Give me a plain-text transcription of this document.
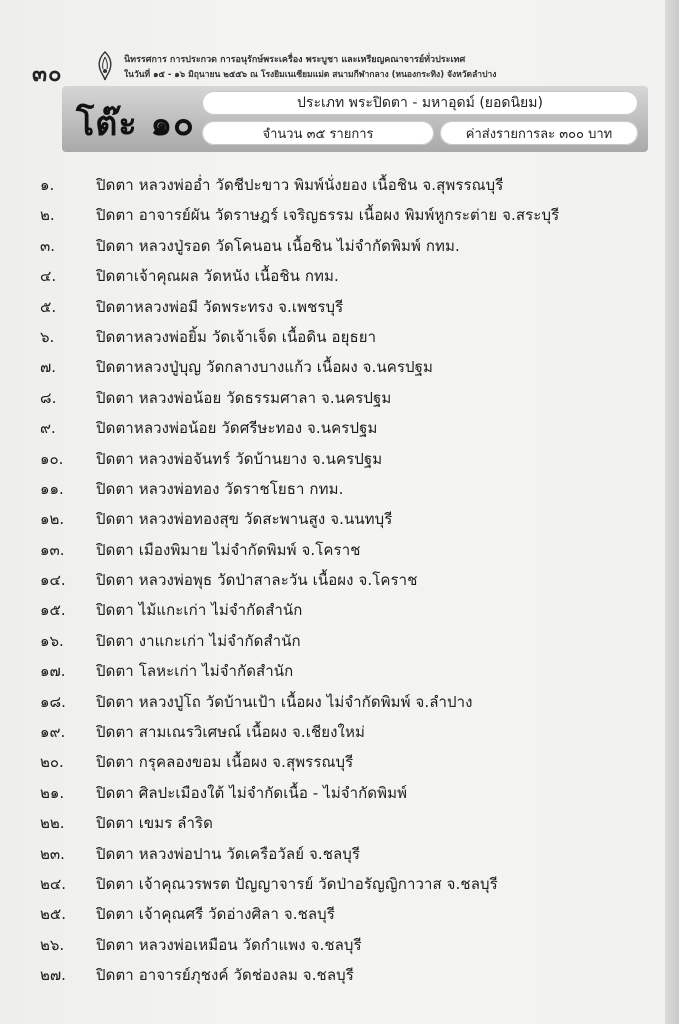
๓๐
นิทรรศการ การประกวด การอนุรักษ์พระเครื่อง พระบูชา และเหรียญคณาจารย์ทั่วประเทศ
ในวันที่ ๑๕ - ๑๖ มิถุนายน ๒๕๕๖ ณ โรงยิมเนเซียมแม่ต สนามกีฬากลาง (หนองกระทิง) จังหวัดลำปาง
โต๊ะ ๑๐
ประเภท พระปิดตา - มหาอุดม์ (ยอดนิยม)
จำนวน ๓๕ รายการ	ค่าส่งรายการละ ๓๐๐ บาท
๑.	ปิดตา หลวงพ่ออ่ำ วัดชีปะขาว พิมพ์นั่งยอง เนื้อชิน จ.สุพรรณบุรี
๒.	ปิดตา อาจารย์ผัน วัดราษฎร์ เจริญธรรม เนื้อผง พิมพ์หูกระต่าย จ.สระบุรี
๓.	ปิดตา หลวงปู่รอด วัดโคนอน เนื้อชิน ไม่จำกัดพิมพ์ กทม.
๔.	ปิดตาเจ้าคุณผล วัดหนัง เนื้อชิน กทม.
๕.	ปิดตาหลวงพ่อมี วัดพระทรง จ.เพชรบุรี
๖.	ปิดตาหลวงพ่อยิ้ม วัดเจ้าเจ็ด เนื้อดิน อยุธยา
๗.	ปิดตาหลวงปู่บุญ วัดกลางบางแก้ว เนื้อผง จ.นครปฐม
๘.	ปิดตา หลวงพ่อน้อย วัดธรรมศาลา จ.นครปฐม
๙.	ปิดตาหลวงพ่อน้อย วัดศรีษะทอง จ.นครปฐม
๑๐.	ปิดตา หลวงพ่อจันทร์ วัดบ้านยาง จ.นครปฐม
๑๑.	ปิดตา หลวงพ่อทอง วัดราชโยธา กทม.
๑๒.	ปิดตา หลวงพ่อทองสุข วัดสะพานสูง จ.นนทบุรี
๑๓.	ปิดตา เมืองพิมาย ไม่จำกัดพิมพ์ จ.โคราช
๑๔.	ปิดตา หลวงพ่อพุธ วัดป่าสาละวัน เนื้อผง จ.โคราช
๑๕.	ปิดตา ไม้แกะเก่า ไม่จำกัดสำนัก
๑๖.	ปิดตา งาแกะเก่า ไม่จำกัดสำนัก
๑๗.	ปิดตา โลหะเก่า ไม่จำกัดสำนัก
๑๘.	ปิดตา หลวงปู่โถ วัดบ้านเป้า เนื้อผง ไม่จำกัดพิมพ์ จ.ลำปาง
๑๙.	ปิดตา สามเณรวิเศษณ์ เนื้อผง จ.เชียงใหม่
๒๐.	ปิดตา กรุคลองขอม เนื้อผง จ.สุพรรณบุรี
๒๑.	ปิดตา ศิลปะเมืองใต้ ไม่จำกัดเนื้อ - ไม่จำกัดพิมพ์
๒๒.	ปิดตา เขมร ลำริด
๒๓.	ปิดตา หลวงพ่อปาน วัดเครือวัลย์ จ.ชลบุรี
๒๔.	ปิดตา เจ้าคุณวรพรต ปัญญาจารย์ วัดป่าอรัญญิกาวาส จ.ชลบุรี
๒๕.	ปิดตา เจ้าคุณศรี วัดอ่างศิลา จ.ชลบุรี
๒๖.	ปิดตา หลวงพ่อเหมือน วัดกำแพง จ.ชลบุรี
๒๗.	ปิดตา อาจารย์ภุชงค์ วัดช่องลม จ.ชลบุรี
